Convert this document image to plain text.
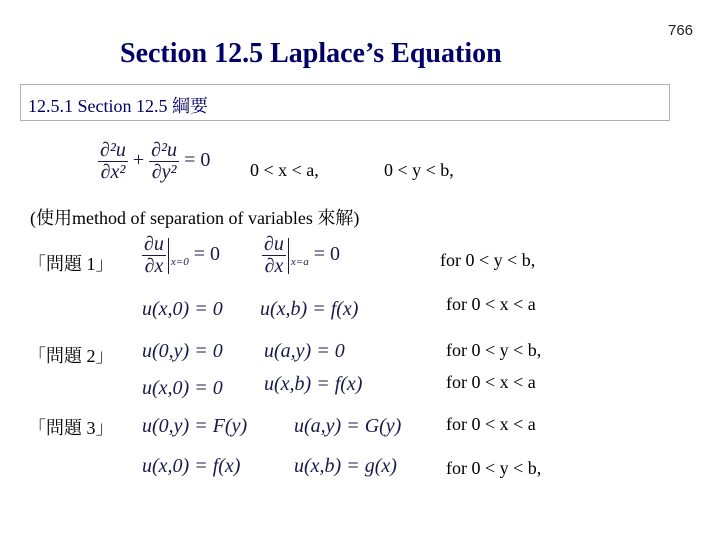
766
Section 12.5 Laplace’s Equation
12.5.1 Section 12.5 綱要
$\frac{\text{∂²u}}{\text{∂x²}} + \frac{\text{∂²u}}{\text{∂y²}} = 0$ 0 < x < a,	0 < y < b,
(使用method of separation of variables 來解)
「問題 1」 $\frac{\partial u}{\partial x} _{x=0} = 0 \frac{\partial u}{\partial x} _{x=a} = 0$	for 0 < y < b,
u(x,0) = 0 u(x,b) = f(x)	for 0 < x < a
「問題 2」 u(0,y) = 0 u(a,y) = 0	for 0 < y < b,
u(x,0) = 0 u(x,b) = f(x)	for 0 < x < a
「問題 3」 u(0,y) = F(y) u(a,y) = G(y) for 0 < x < a
u(x,0) = f(x)	u(x,b) = g(x)	for 0 < y < b,
